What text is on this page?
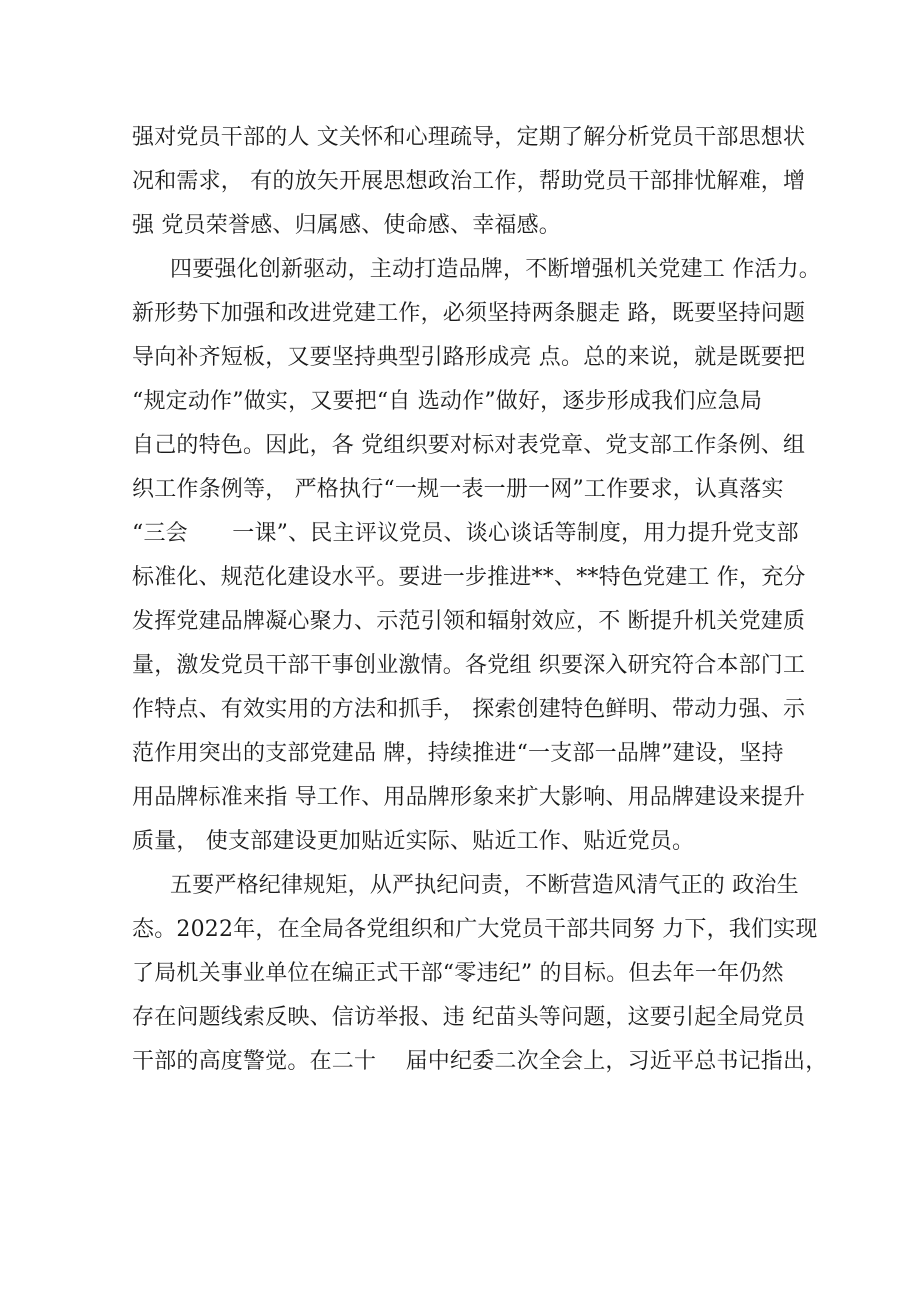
强对党员干部的人 文关怀和心理疏导，定期了解分析党员干部思想状
况和需求， 有的放矢开展思想政治工作，帮助党员干部排忧解难，增
强 党员荣誉感、归属感、使命感、幸福感。
四要强化创新驱动，主动打造品牌，不断增强机关党建工 作活力。
新形势下加强和改进党建工作，必须坚持两条腿走 路，既要坚持问题
导向补齐短板，又要坚持典型引路形成亮 点。总的来说，就是既要把
“规定动作”做实，又要把“自 选动作”做好，逐步形成我们应急局
自己的特色。因此，各 党组织要对标对表党章、党支部工作条例、组
织工作条例等， 严格执行“一规一表一册一网”工作要求，认真落实
“三会　　一课”、民主评议党员、谈心谈话等制度，用力提升党支部
标准化、规范化建设水平。要进一步推进**、**特色党建工 作，充分
发挥党建品牌凝心聚力、示范引领和辐射效应，不 断提升机关党建质
量，激发党员干部干事创业激情。各党组 织要深入研究符合本部门工
作特点、有效实用的方法和抓手， 探索创建特色鲜明、带动力强、示
范作用突出的支部党建品 牌，持续推进“一支部一品牌”建设，坚持
用品牌标准来指 导工作、用品牌形象来扩大影响、用品牌建设来提升
质量， 使支部建设更加贴近实际、贴近工作、贴近党员。
五要严格纪律规矩，从严执纪问责，不断营造风清气正的 政治生
态。2022年，在全局各党组织和广大党员干部共同努 力下，我们实现
了局机关事业单位在编正式干部“零违纪” 的目标。但去年一年仍然
存在问题线索反映、信访举报、违 纪苗头等问题，这要引起全局党员
干部的高度警觉。在二十　 届中纪委二次全会上，习近平总书记指出，
